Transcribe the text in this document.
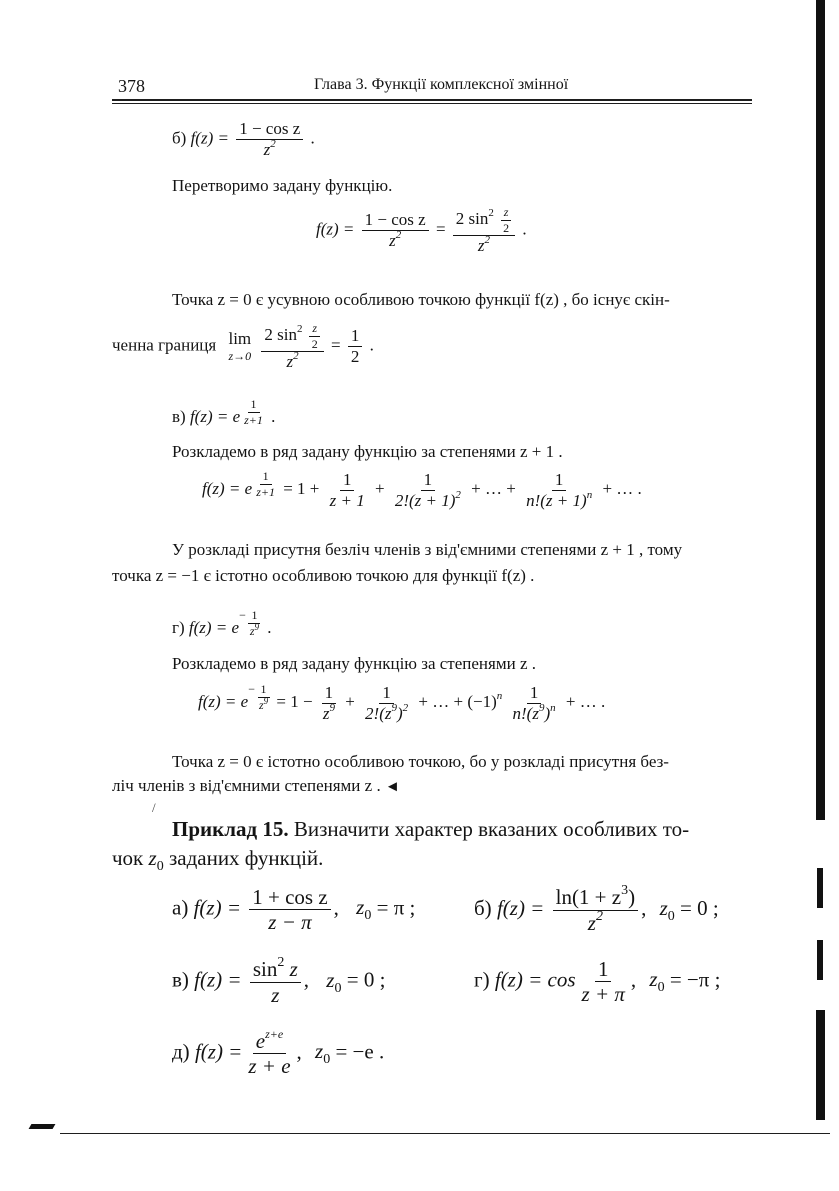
378	Глава 3. Функції комплексної змінної
б) $f(z) = \frac{\text{1 − cos z}}{z^2}$ .
Перетворимо задану функцію.
$f(z) = \frac{\text{1 − cos z}}{z^2} = \frac{2 \sin^2 \frac{z}{2}}{z^2}$ .
Точка z = 0 є усувною особливою точкою функції f(z) , бо існує скін-
ченна границя lim
z→0
$\frac{2 \sin^2 \frac{z}{2}}{z^2} = \frac{1}{2}$ .
в) f(z) = e $\frac{1}{z+1}$ .
Розкладемо в ряд задану функцію за степенями z + 1 .
f(z) = e $\frac{1}{z+1} = 1 + \frac{1}{z + 1} + \frac{1}{2!(z + 1)^2}$ + … + $\frac{1}{n!(z + 1)^n}$ + … .
У розкладі присутня безліч членів з від'ємними степенями z + 1 , тому
точка z = −1 є істотно особливою точкою для функції f(z) .
г) $f(z) = e^- \frac{1}{z^9}$ .
Розкладемо в ряд задану функцію за степенями z .
$f(z) = e^- \frac{1}{z^9} = 1 - \frac{1}{z^9} + \frac{1}{2!(z^9)^2}$ + … + $(-1)^n \frac{1}{n!(z^9)^n}$ + … .
Точка z = 0 є істотно особливою точкою, бо у розкладі присутня без-
ліч членів з від'ємними степенями z . ◄
/
Приклад 15. Визначити характер вказаних особливих то-
чок $z_0$ заданих функцій.
а) $f(z) = \frac{\text{1 + cos z}}{z - \pi}$ , $z_0 = \pi$ ;	б) $f(z) = \frac{\ln(1 + z^3)}{z^2}$ , $z_0 = 0$ ;
в) $f(z) = \frac{\sin^2 z}{z}$ , $z_0 = 0$ ;	г) $f(z) = \cos \frac{1}{z + \pi}$ , $z_0 = -\pi$ ;
д) $f(z) = \frac{e^{z+e}}{z + e}$ , $z_0 = -e$ .
